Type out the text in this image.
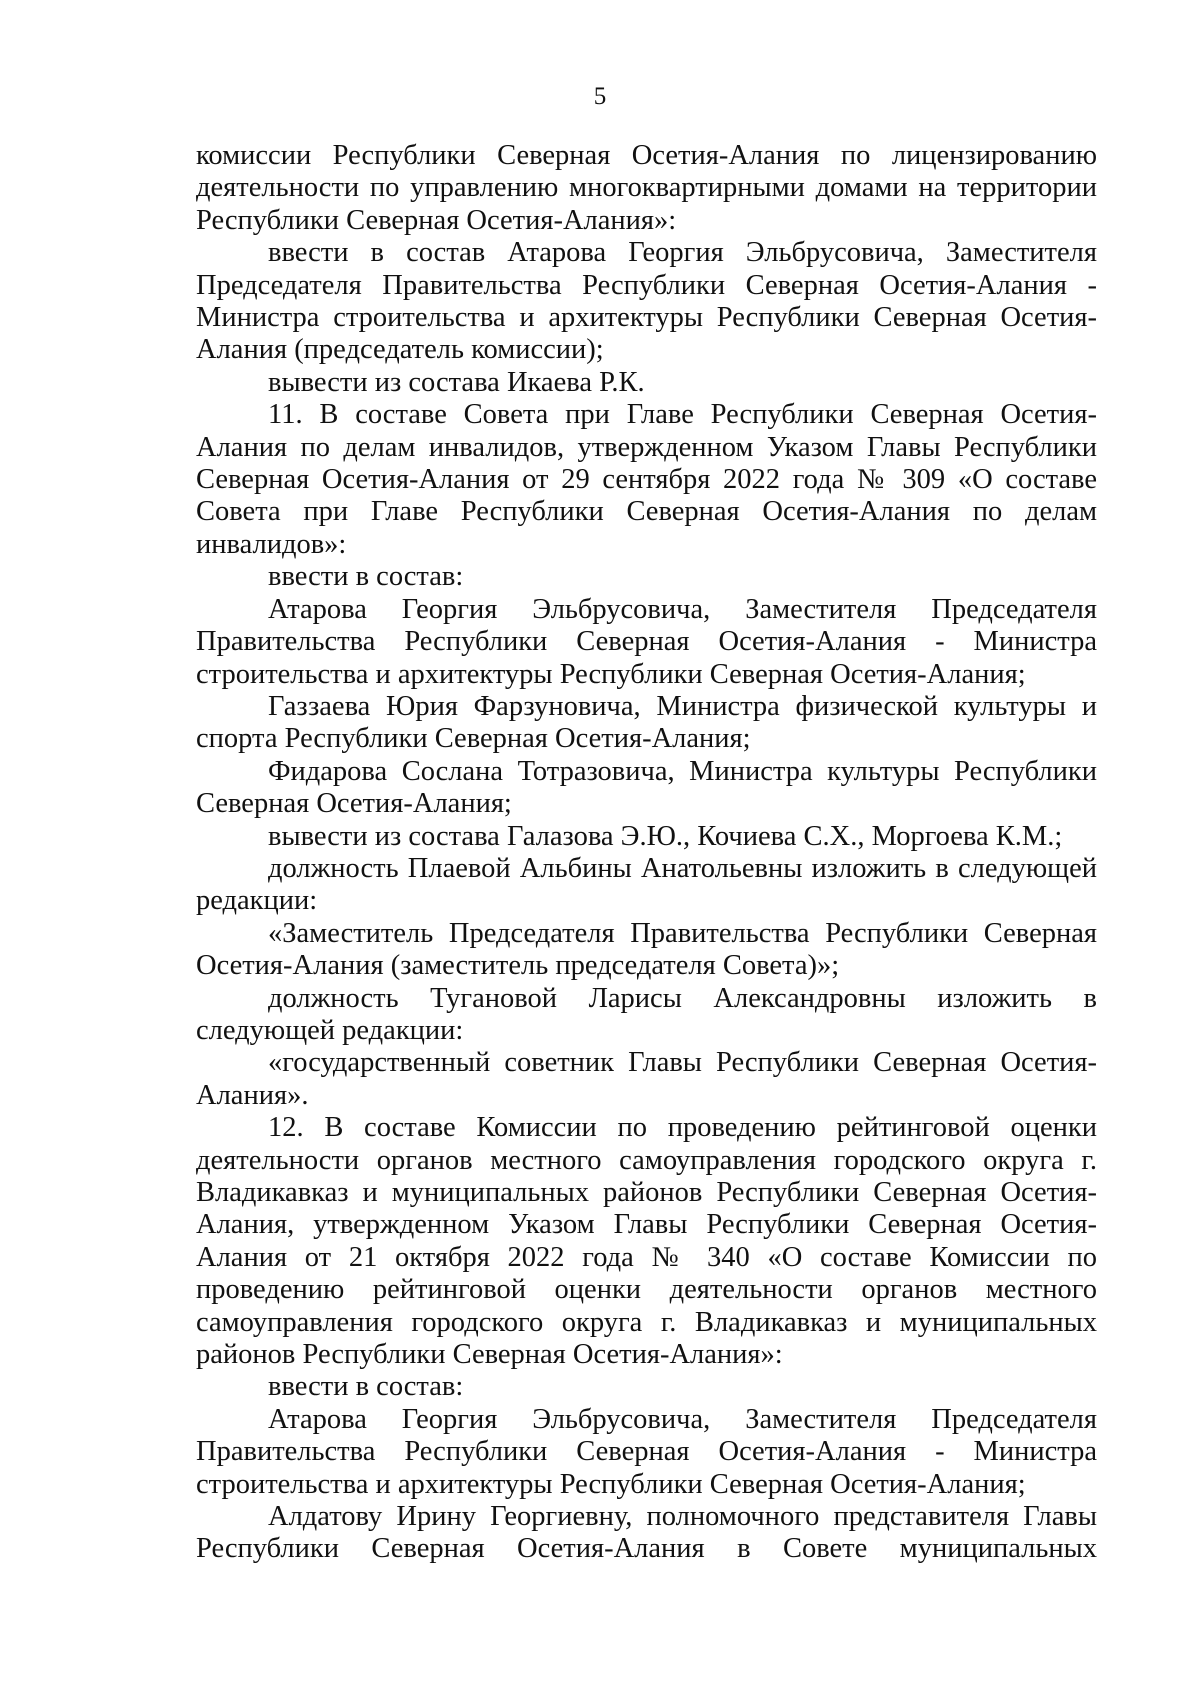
5

комиссии Республики Северная Осетия-Алания по лицензированию деятельности по управлению многоквартирными домами на территории Республики Северная Осетия-Алания»:

ввести в состав Атарова Георгия Эльбрусовича, Заместителя Председателя Правительства Республики Северная Осетия-Алания - Министра строительства и архитектуры Республики Северная Осетия-Алания (председатель комиссии);

вывести из состава Икаева Р.К.

11. В составе Совета при Главе Республики Северная Осетия-Алания по делам инвалидов, утвержденном Указом Главы Республики Северная Осетия-Алания от 29 сентября 2022 года № 309 «О составе Совета при Главе Республики Северная Осетия-Алания по делам инвалидов»:

ввести в состав:

Атарова Георгия Эльбрусовича, Заместителя Председателя Правительства Республики Северная Осетия-Алания - Министра строительства и архитектуры Республики Северная Осетия-Алания;

Газзаева Юрия Фарзуновича, Министра физической культуры и спорта Республики Северная Осетия-Алания;

Фидарова Сослана Тотразовича, Министра культуры Республики Северная Осетия-Алания;

вывести из состава Галазова Э.Ю., Кочиева С.Х., Моргоева К.М.;

должность Плаевой Альбины Анатольевны изложить в следующей редакции:

«Заместитель Председателя Правительства Республики Северная Осетия-Алания (заместитель председателя Совета)»;

должность Тугановой Ларисы Александровны изложить в следующей редакции:

«государственный советник Главы Республики Северная Осетия-Алания».

12. В составе Комиссии по проведению рейтинговой оценки деятельности органов местного самоуправления городского округа г. Владикавказ и муниципальных районов Республики Северная Осетия-Алания, утвержденном Указом Главы Республики Северная Осетия-Алания от 21 октября 2022 года № 340 «О составе Комиссии по проведению рейтинговой оценки деятельности органов местного самоуправления городского округа г. Владикавказ и муниципальных районов Республики Северная Осетия-Алания»:

ввести в состав:

Атарова Георгия Эльбрусовича, Заместителя Председателя Правительства Республики Северная Осетия-Алания - Министра строительства и архитектуры Республики Северная Осетия-Алания;

Алдатову Ирину Георгиевну, полномочного представителя Главы Республики Северная Осетия-Алания в Совете муниципальных
